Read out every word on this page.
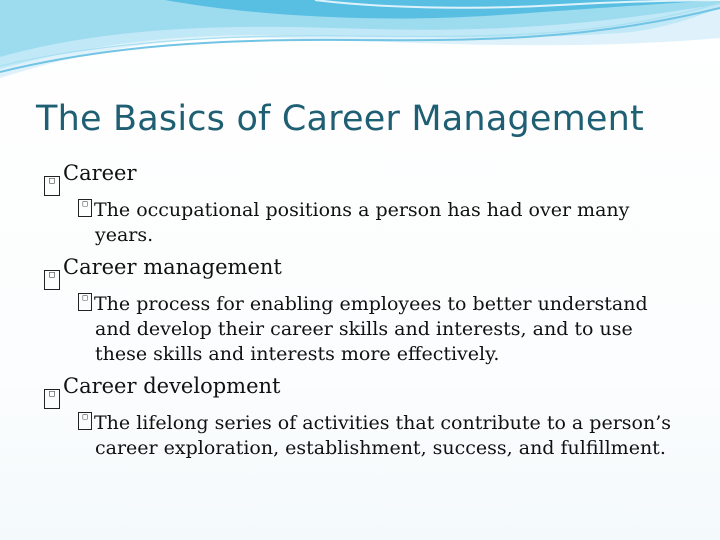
The Basics of Career Management
□ Career
□ The occupational positions a person has had over many years.
□ Career management
□ The process for enabling employees to better understand and develop their career skills and interests, and to use these skills and interests more effectively.
□ Career development
□ The lifelong series of activities that contribute to a person’s career exploration, establishment, success, and fulfillment.
